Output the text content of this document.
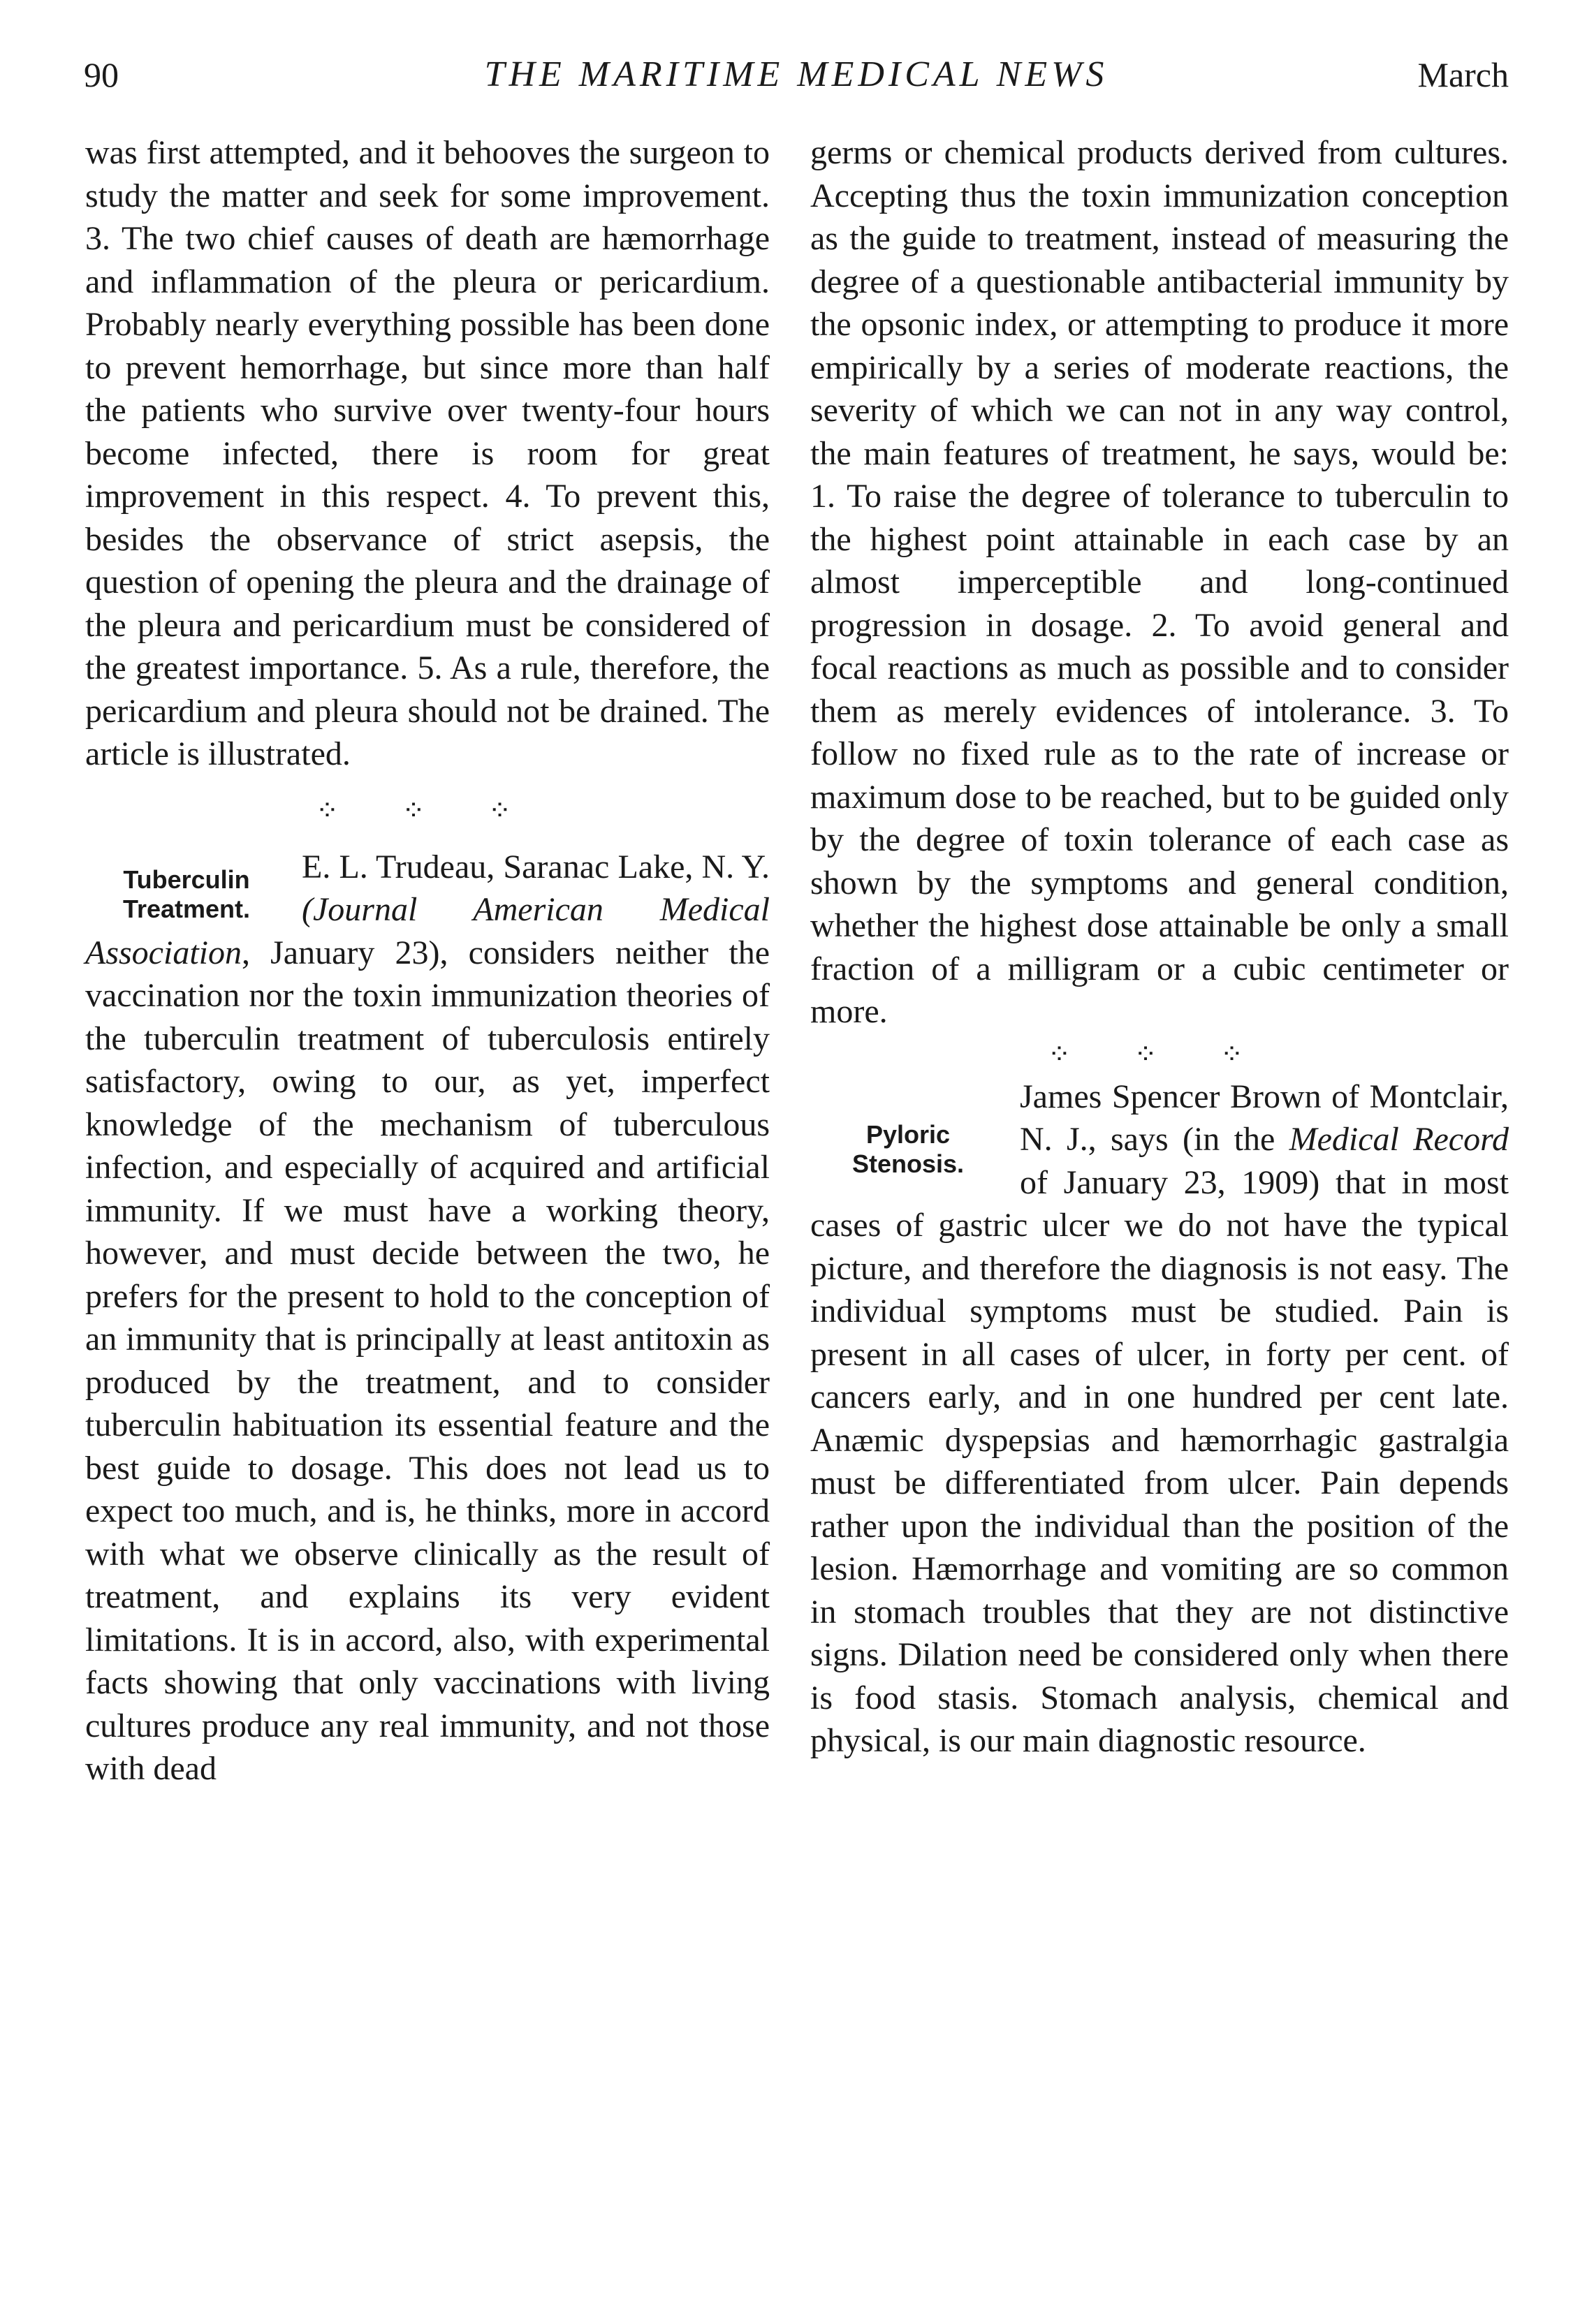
90	THE MARITIME MEDICAL NEWS	March

was first attempted, and it behooves the surgeon to study the matter and seek for some improvement. 3. The two chief causes of death are hæmorrhage and inflammation of the pleura or pericardium. Probably nearly everything possible has been done to prevent hemorrhage, but since more than half the patients who survive over twenty-four hours become infected, there is room for great improvement in this respect. 4. To prevent this, besides the observance of strict asepsis, the question of opening the pleura and the drainage of the pleura and pericardium must be considered of the greatest importance. 5. As a rule, therefore, the pericardium and pleura should not be drained. The article is illustrated.

⁘ ⁘ ⁘
Tuberculin Treatment.

E. L. Trudeau, Saranac Lake, N. Y. (Journal American Medical Association, January 23), considers neither the vaccination nor the toxin immunization theories of the tuberculin treatment of tuberculosis entirely satisfactory, owing to our, as yet, imperfect knowledge of the mechanism of tuberculous infection, and especially of acquired and artificial immunity. If we must have a working theory, however, and must decide between the two, he prefers for the present to hold to the conception of an immunity that is principally at least antitoxin as produced by the treatment, and to consider tuberculin habituation its essential feature and the best guide to dosage. This does not lead us to expect too much, and is, he thinks, more in accord with what we observe clinically as the result of treatment, and explains its very evident limitations. It is in accord, also, with experimental facts showing that only vaccinations with living cultures produce any real immunity, and not those with dead

germs or chemical products derived from cultures. Accepting thus the toxin immunization conception as the guide to treatment, instead of measuring the degree of a questionable antibacterial immunity by the opsonic index, or attempting to produce it more empirically by a series of moderate reactions, the severity of which we can not in any way control, the main features of treatment, he says, would be: 1. To raise the degree of tolerance to tuberculin to the highest point attainable in each case by an almost imperceptible and long-continued progression in dosage. 2. To avoid general and focal reactions as much as possible and to consider them as merely evidences of intolerance. 3. To follow no fixed rule as to the rate of increase or maximum dose to be reached, but to be guided only by the degree of toxin tolerance of each case as shown by the symptoms and general condition, whether the highest dose attainable be only a small fraction of a milligram or a cubic centimeter or more.

⁘ ⁘ ⁘
Pyloric Stenosis.

James Spencer Brown of Montclair, N. J., says (in the Medical Record of January 23, 1909) that in most cases of gastric ulcer we do not have the typical picture, and therefore the diagnosis is not easy. The individual symptoms must be studied. Pain is present in all cases of ulcer, in forty per cent. of cancers early, and in one hundred per cent late. Anæmic dyspepsias and hæmorrhagic gastralgia must be differentiated from ulcer. Pain depends rather upon the individual than the position of the lesion. Hæmorrhage and vomiting are so common in stomach troubles that they are not distinctive signs. Dilation need be considered only when there is food stasis. Stomach analysis, chemical and physical, is our main diagnostic resource.
